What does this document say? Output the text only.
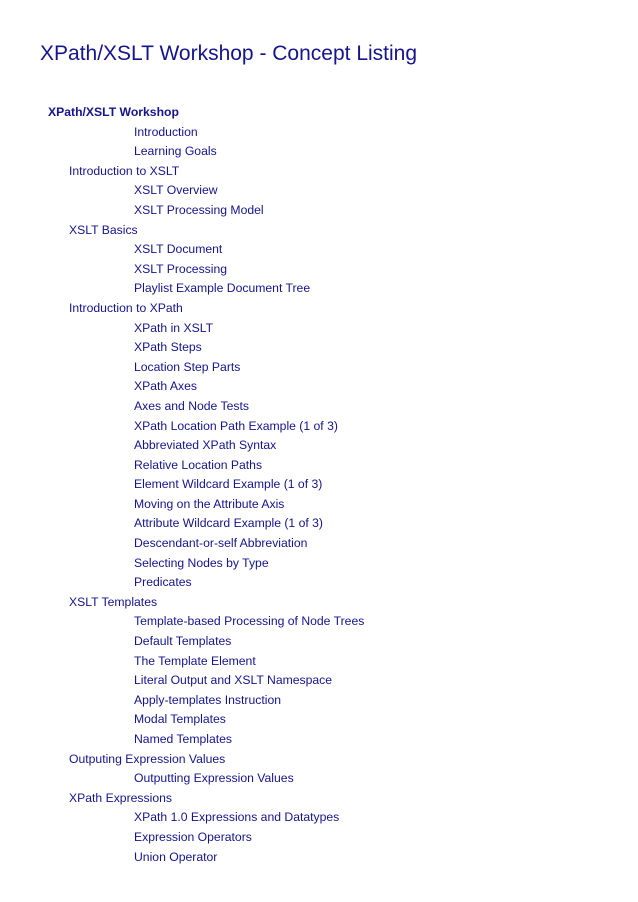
XPath/XSLT Workshop - Concept Listing
XPath/XSLT Workshop
Introduction
Learning Goals
Introduction to XSLT
XSLT Overview
XSLT Processing Model
XSLT Basics
XSLT Document
XSLT Processing
Playlist Example Document Tree
Introduction to XPath
XPath in XSLT
XPath Steps
Location Step Parts
XPath Axes
Axes and Node Tests
XPath Location Path Example (1 of 3)
Abbreviated XPath Syntax
Relative Location Paths
Element Wildcard Example (1 of 3)
Moving on the Attribute Axis
Attribute Wildcard Example (1 of 3)
Descendant-or-self Abbreviation
Selecting Nodes by Type
Predicates
XSLT Templates
Template-based Processing of Node Trees
Default Templates
The Template Element
Literal Output and XSLT Namespace
Apply-templates Instruction
Modal Templates
Named Templates
Outputing Expression Values
Outputting Expression Values
XPath Expressions
XPath 1.0 Expressions and Datatypes
Expression Operators
Union Operator
